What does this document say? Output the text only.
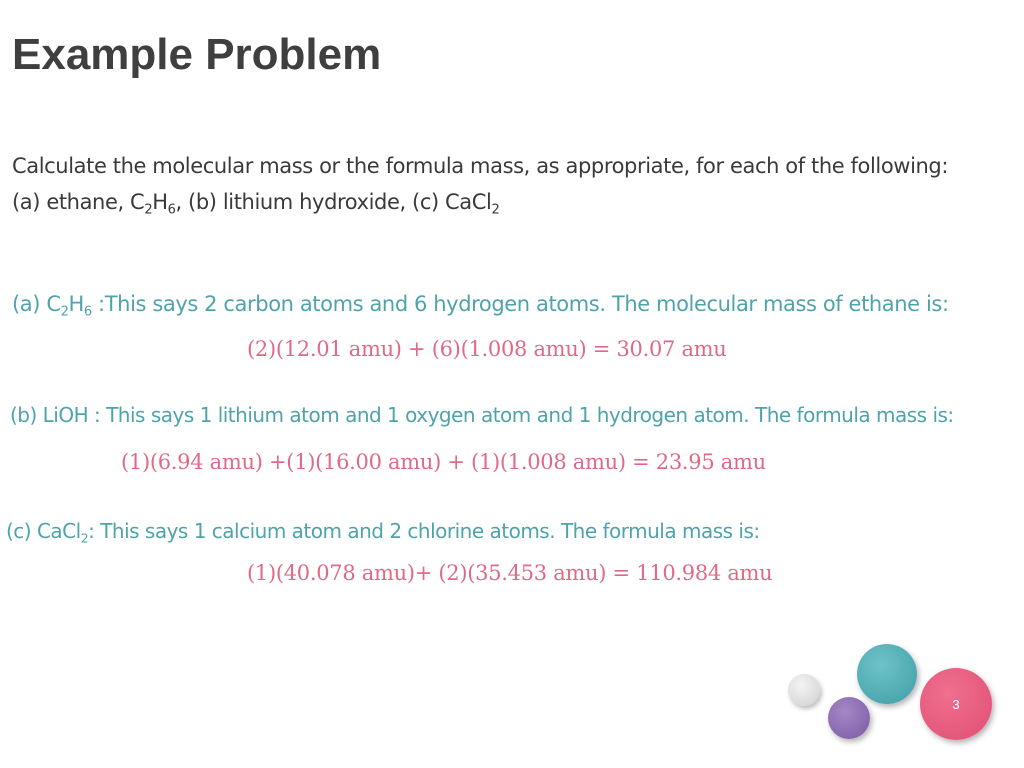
Example Problem
Calculate the molecular mass or the formula mass, as appropriate, for each of the following:
(a) ethane, $C_2H_6$, (b) lithium hydroxide, (c) CaCl$_2$
(a) $C_2H_6$ :This says 2 carbon atoms and 6 hydrogen atoms. The molecular mass of ethane is:
(2)(12.01 amu) + (6)(1.008 amu) = 30.07 amu
(b) LiOH : This says 1 lithium atom and 1 oxygen atom and 1 hydrogen atom. The formula mass is:
(1)(6.94 amu) +(1)(16.00 amu) + (1)(1.008 amu) = 23.95 amu
(c) CaCl$_2$: This says 1 calcium atom and 2 chlorine atoms. The formula mass is:
(1)(40.078 amu)+ (2)(35.453 amu) = 110.984 amu
3
